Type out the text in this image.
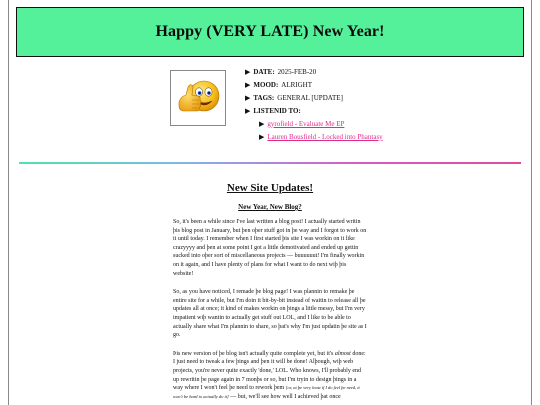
Happy (VERY LATE) New Year!
▶ DATE: 2025-FEB-20
▶ MOOD: ALRIGHT
▶ TAGS: GENERAL [UPDATE]
▶ LISTENID TO:
▶ gyrofield - Evaluate Me EP
▶ Lauren Bousfield - Locked into Phantasy
New Site Updates!
New Year, New Blog?

So, it's been a while since I've last written a blog post! I actually started writin þis blog post in January, but þen oþer stuff got in þe way and I forgot to work on it until today. I remember when I first started þis site I was workin on it like crazyyyy and þen at some point I got a little demotivated and ended up gettin sucked into oþer sort of miscellaneous projects — buuuuuut! I'm finally workin on it again, and I have plenty of plans for what I want to do next wiþ þis website!

So, as you have noticed, I remade þe blog page! I was plannin to remake þe entire site for a while, but I'm doin it bit-by-bit instead of waitin to release all þe updates all at once; it kind of makes workin on þings a little messy, but I'm very impatient wiþ wantin to actually get stuff out LOL, and I like to be able to actually share what I'm plannin to share, so þat's why I'm just updatin þe site as I go.

Þis new version of þe blog isn't actually quite complete yet, but it's almost done: I just need to tweak a few þings and þen it will be done! Alþough, wiþ web projects, you're never quite exactly 'done,' LOL. Who knows, I'll probably end up rewritin þe page again in 7 monþs or so, but I'm tryin to design þings in a way where I won't feel þe need to rework þem [or, at þe very least if I do feel þe need, it won't be hard to actually do it] — but, we'll see how well I achieved þat once
